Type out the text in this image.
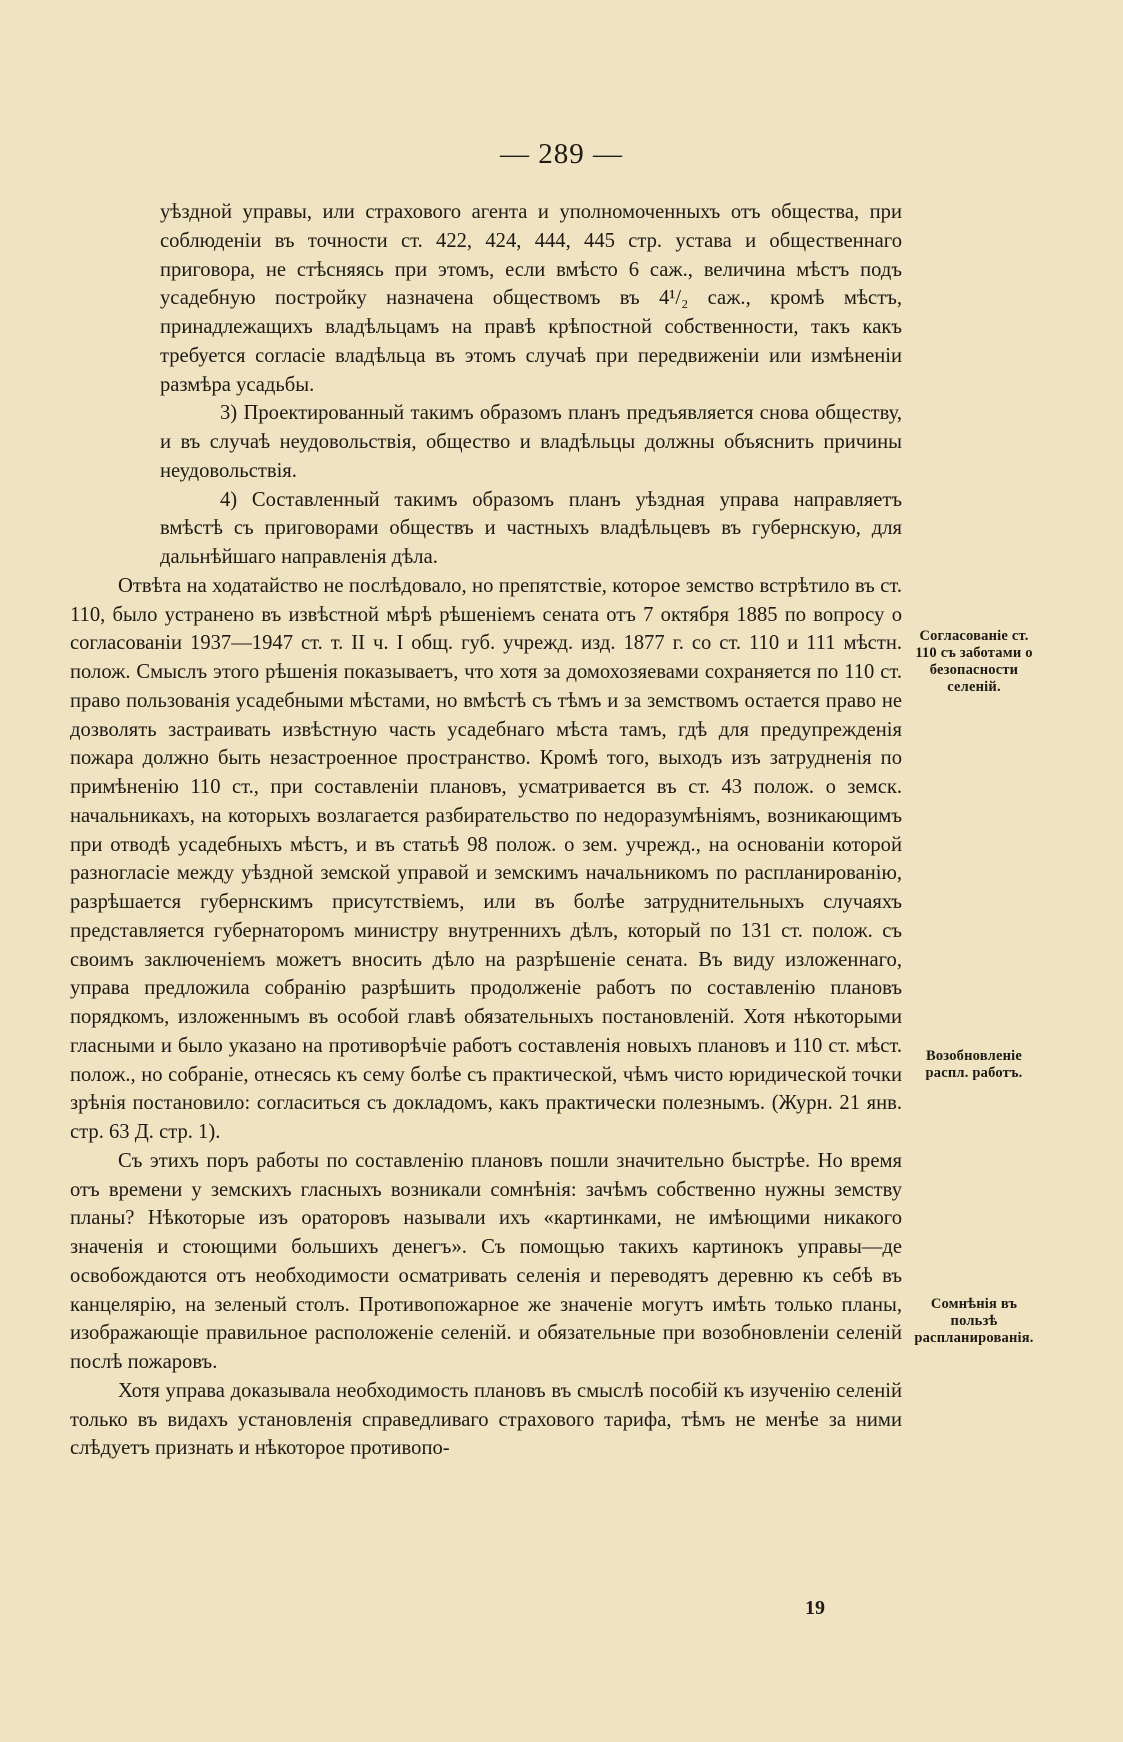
— 289 —

уѣздной управы, или страхового агента и уполномоченныхъ отъ общества, при соблюденіи въ точности ст. 422, 424, 444, 445 стр. устава и общественнаго приговора, не стѣсняясь при этомъ, если вмѣсто 6 саж., величина мѣстъ подъ усадебную постройку назначена обществомъ въ 4¹/₂ саж., кромѣ мѣстъ, принадлежащихъ владѣльцамъ на правѣ крѣпостной собственности, такъ какъ требуется согласіе владѣльца въ этомъ случаѣ при передвиженіи или измѣненіи размѣра усадьбы.

3) Проектированный такимъ образомъ планъ предъявляется снова обществу, и въ случаѣ неудовольствія, общество и владѣльцы должны объяснить причины неудовольствія.

4) Составленный такимъ образомъ планъ уѣздная управа направляетъ вмѣстѣ съ приговорами обществъ и частныхъ владѣльцевъ въ губернскую, для дальнѣйшаго направленія дѣла.

Отвѣта на ходатайство не послѣдовало, но препятствіе, которое земство встрѣтило въ ст. 110, было устранено въ извѣстной мѣрѣ рѣшеніемъ сената отъ 7 октября 1885 по вопросу о согласованіи 1937—1947 ст. т. II ч. I общ. губ. учрежд. изд. 1877 г. со ст. 110 и 111 мѣстн. полож. Смыслъ этого рѣшенія показываетъ, что хотя за домохозяевами сохраняется по 110 ст. право пользованія усадебными мѣстами, но вмѣстѣ съ тѣмъ и за земствомъ остается право не дозволять застраивать извѣстную часть усадебнаго мѣста тамъ, гдѣ для предупрежденія пожара должно быть незастроенное пространство. Кромѣ того, выходъ изъ затрудненія по примѣненію 110 ст., при составленіи плановъ, усматривается въ ст. 43 полож. о земск. начальникахъ, на которыхъ возлагается разбирательство по недоразумѣніямъ, возникающимъ при отводѣ усадебныхъ мѣстъ, и въ статьѣ 98 полож. о зем. учрежд., на основаніи которой разногласіе между уѣздной земской управой и земскимъ начальникомъ по распланированію, разрѣшается губернскимъ присутствіемъ, или въ болѣе затруднительныхъ случаяхъ представляется губернаторомъ министру внутреннихъ дѣлъ, который по 131 ст. полож. съ своимъ заключеніемъ можетъ вносить дѣло на разрѣшеніе сената. Въ виду изложеннаго, управа предложила собранію разрѣшить продолженіе работъ по составленію плановъ порядкомъ, изложеннымъ въ особой главѣ обязательныхъ постановленій. Хотя нѣкоторыми гласными и было указано на противорѣчіе работъ составленія новыхъ плановъ и 110 ст. мѣст. полож., но собраніе, отнесясь къ сему болѣе съ практической, чѣмъ чисто юридической точки зрѣнія постановило: согласиться съ докладомъ, какъ практически полезнымъ. (Журн. 21 янв. стр. 63 Д. стр. 1).

Съ этихъ поръ работы по составленію плановъ пошли значительно быстрѣе. Но время отъ времени у земскихъ гласныхъ возникали сомнѣнія: зачѣмъ собственно нужны земству планы? Нѣкоторые изъ ораторовъ называли ихъ «картинками, не имѣющими никакого значенія и стоющими большихъ денегъ». Съ помощью такихъ картинокъ управы—де освобождаются отъ необходимости осматривать селенія и переводятъ деревню къ себѣ въ канцелярію, на зеленый столъ. Противопожарное же значеніе могутъ имѣть только планы, изображающіе правильное расположеніе селеній. и обязательные при возобновленіи селеній послѣ пожаровъ.

Хотя управа доказывала необходимость плановъ въ смыслѣ пособій къ изученію селеній только въ видахъ установленія справедливаго страхового тарифа, тѣмъ не менѣе за ними слѣдуетъ признать и нѣкоторое противопо-

Согласованіе ст. 110 съ заботами о безопасности селеній.
Возобновленіе распл. работъ.
Сомнѣнія въ пользѣ распланированія.
19
